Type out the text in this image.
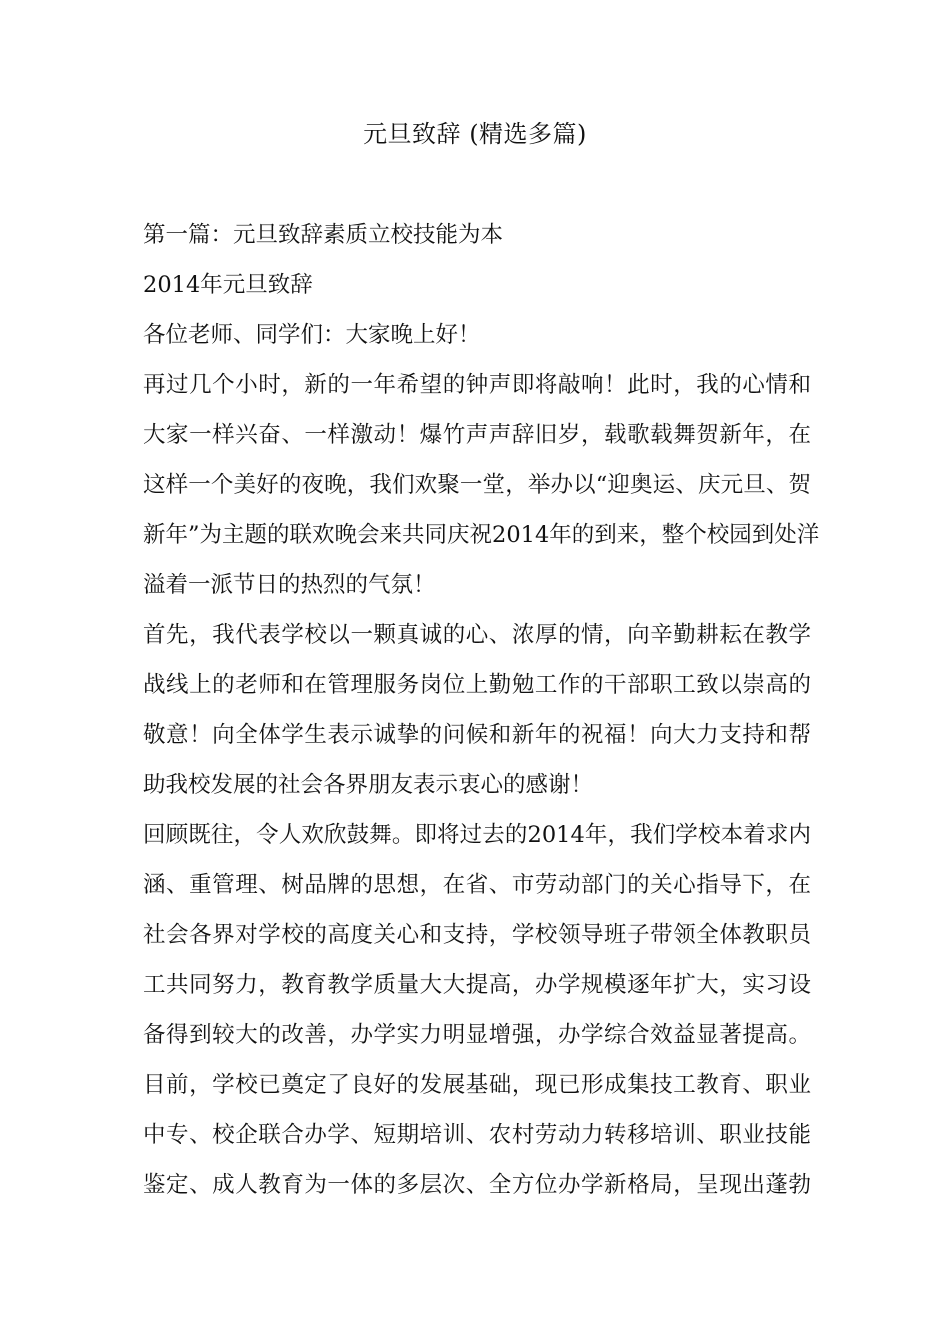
元旦致辞 (精选多篇)
第一篇：元旦致辞素质立校技能为本
2014年元旦致辞
各位老师、同学们：大家晚上好！
再过几个小时，新的一年希望的钟声即将敲响！此时，我的心情和
大家一样兴奋、一样激动！爆竹声声辞旧岁，载歌载舞贺新年，在
这样一个美好的夜晚，我们欢聚一堂，举办以“迎奥运、庆元旦、贺
新年”为主题的联欢晚会来共同庆祝2014年的到来，整个校园到处洋
溢着一派节日的热烈的气氛！
首先，我代表学校以一颗真诚的心、浓厚的情，向辛勤耕耘在教学
战线上的老师和在管理服务岗位上勤勉工作的干部职工致以崇高的
敬意！向全体学生表示诚挚的问候和新年的祝福！向大力支持和帮
助我校发展的社会各界朋友表示衷心的感谢！
回顾既往，令人欢欣鼓舞。即将过去的2014年，我们学校本着求内
涵、重管理、树品牌的思想，在省、市劳动部门的关心指导下，在
社会各界对学校的高度关心和支持，学校领导班子带领全体教职员
工共同努力，教育教学质量大大提高，办学规模逐年扩大，实习设
备得到较大的改善，办学实力明显增强，办学综合效益显著提高。
目前，学校已奠定了良好的发展基础，现已形成集技工教育、职业
中专、校企联合办学、短期培训、农村劳动力转移培训、职业技能
鉴定、成人教育为一体的多层次、全方位办学新格局，呈现出蓬勃
